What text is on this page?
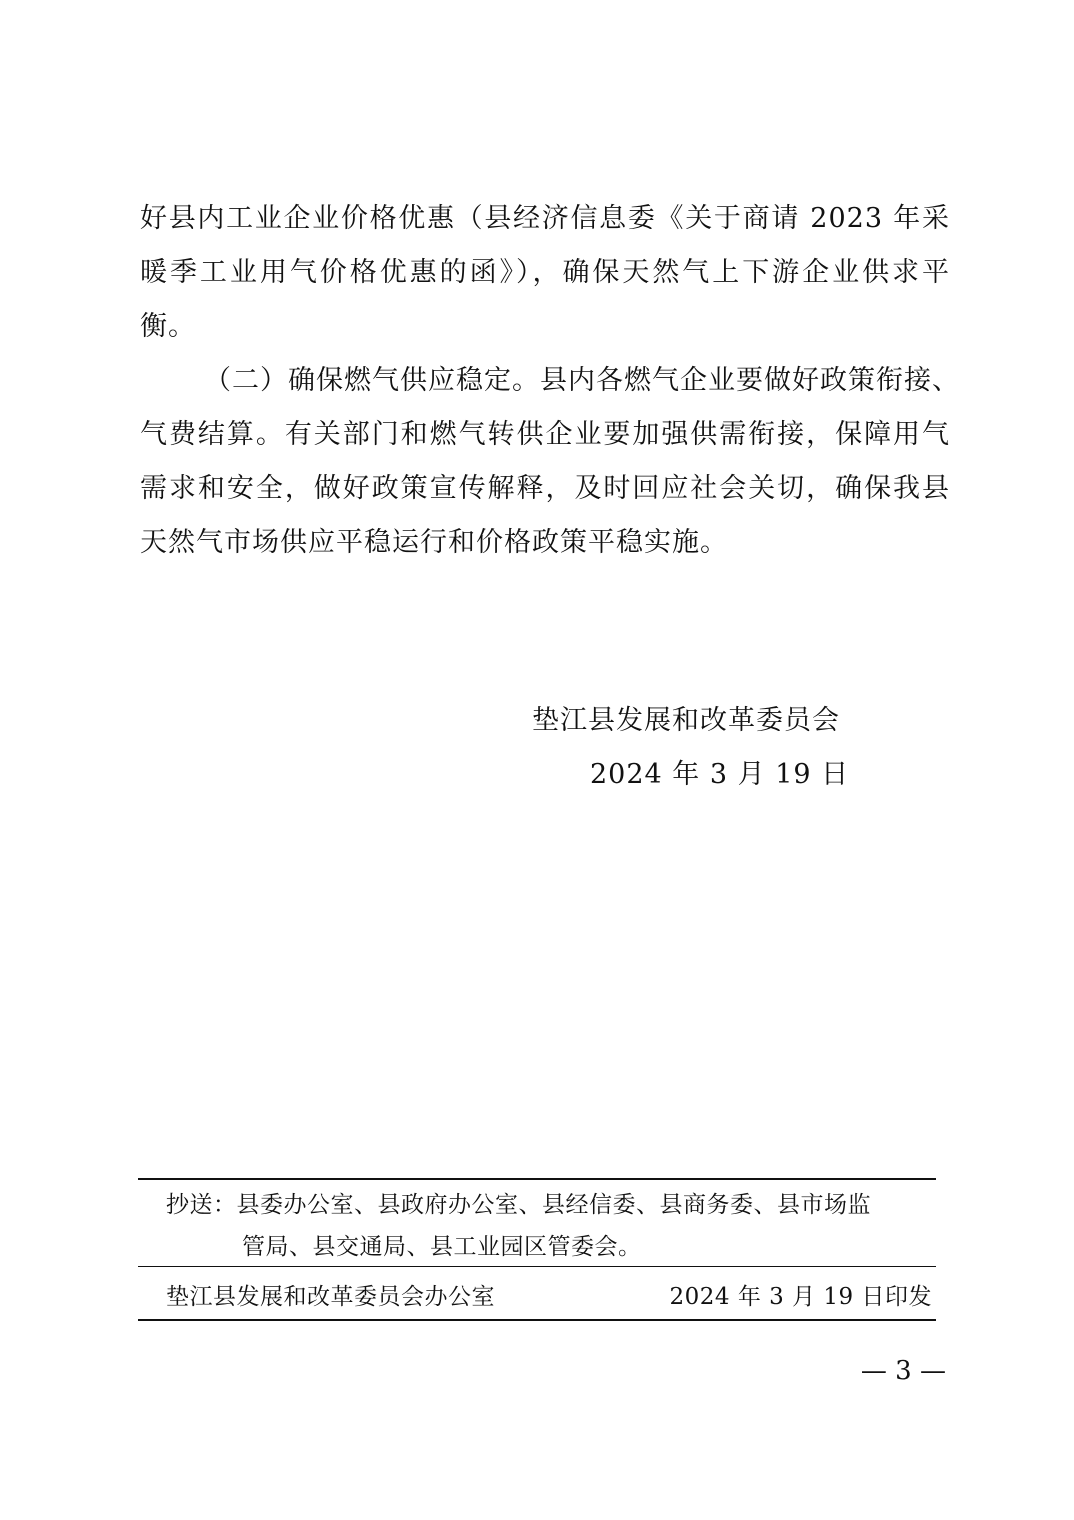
好县内工业企业价格优惠（县经济信息委《关于商请 2023 年采
暖季工业用气价格优惠的函》），确保天然气上下游企业供求平
衡。
（二）确保燃气供应稳定。县内各燃气企业要做好政策衔接、
气费结算。有关部门和燃气转供企业要加强供需衔接，保障用气
需求和安全，做好政策宣传解释，及时回应社会关切，确保我县
天然气市场供应平稳运行和价格政策平稳实施。
垫江县发展和改革委员会
2024 年 3 月 19 日
抄送：县委办公室、县政府办公室、县经信委、县商务委、县市场监
管局、县交通局、县工业园区管委会。
垫江县发展和改革委员会办公室	2024 年 3 月 19 日印发
— 3 —
